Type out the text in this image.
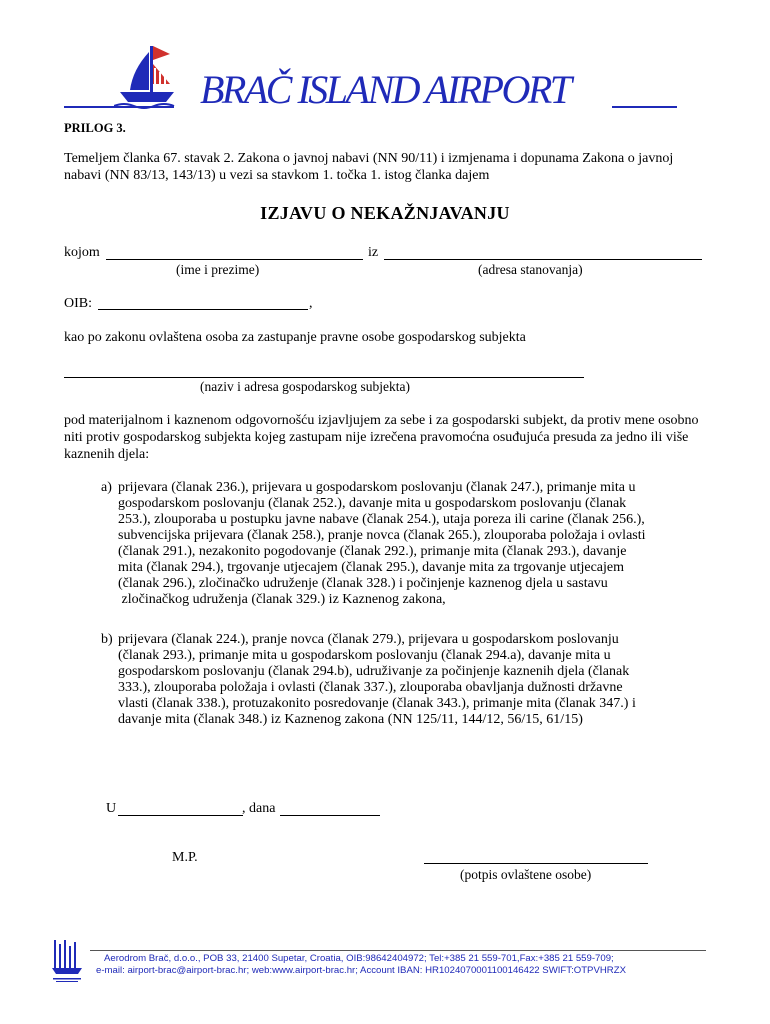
BRAČ ISLAND AIRPORT
PRILOG 3.
Temeljem članka 67. stavak 2. Zakona o javnoj nabavi (NN 90/11) i izmjenama i dopunama Zakona o javnoj nabavi (NN 83/13, 143/13) u vezi sa stavkom 1. točka 1. istog članka dajem
IZJAVU O NEKAŽNJAVANJU
kojom	iz
(ime i prezime)	(adresa stanovanja)
OIB:	,
kao po zakonu ovlaštena osoba za zastupanje pravne osobe gospodarskog subjekta
(naziv i adresa gospodarskog subjekta)
pod materijalnom i kaznenom odgovornošću izjavljujem za sebe i za gospodarski subjekt, da protiv mene osobno niti protiv gospodarskog subjekta kojeg zastupam nije izrečena pravomoćna osuđujuća presuda za jedno ili više kaznenih djela:
a) prijevara (članak 236.), prijevara u gospodarskom poslovanju (članak 247.), primanje mita u
gospodarskom poslovanju (članak 252.), davanje mita u gospodarskom poslovanju (članak
253.), zlouporaba u postupku javne nabave (članak 254.), utaja poreza ili carine (članak 256.),
subvencijska prijevara (članak 258.), pranje novca (članak 265.), zlouporaba položaja i ovlasti
(članak 291.), nezakonito pogodovanje (članak 292.), primanje mita (članak 293.), davanje
mita (članak 294.), trgovanje utjecajem (članak 295.), davanje mita za trgovanje utjecajem
(članak 296.), zločinačko udruženje (članak 328.) i počinjenje kaznenog djela u sastavu
zločinačkog udruženja (članak 329.) iz Kaznenog zakona,
b) prijevara (članak 224.), pranje novca (članak 279.), prijevara u gospodarskom poslovanju
(članak 293.), primanje mita u gospodarskom poslovanju (članak 294.a), davanje mita u
gospodarskom poslovanju (članak 294.b), udruživanje za počinjenje kaznenih djela (članak
333.), zlouporaba položaja i ovlasti (članak 337.), zlouporaba obavljanja dužnosti državne
vlasti (članak 338.), protuzakonito posredovanje (članak 343.), primanje mita (članak 347.) i
davanje mita (članak 348.) iz Kaznenog zakona (NN 125/11, 144/12, 56/15, 61/15)
U	, dana
M.P.
(potpis ovlaštene osobe)
Aerodrom Brač, d.o.o., POB 33, 21400 Supetar, Croatia, OIB:98642404972; Tel:+385 21 559-701,Fax:+385 21 559-709;
e-mail: airport-brac@airport-brac.hr; web:www.airport-brac.hr; Account IBAN: HR1024070001100146422 SWIFT:OTPVHRZX
